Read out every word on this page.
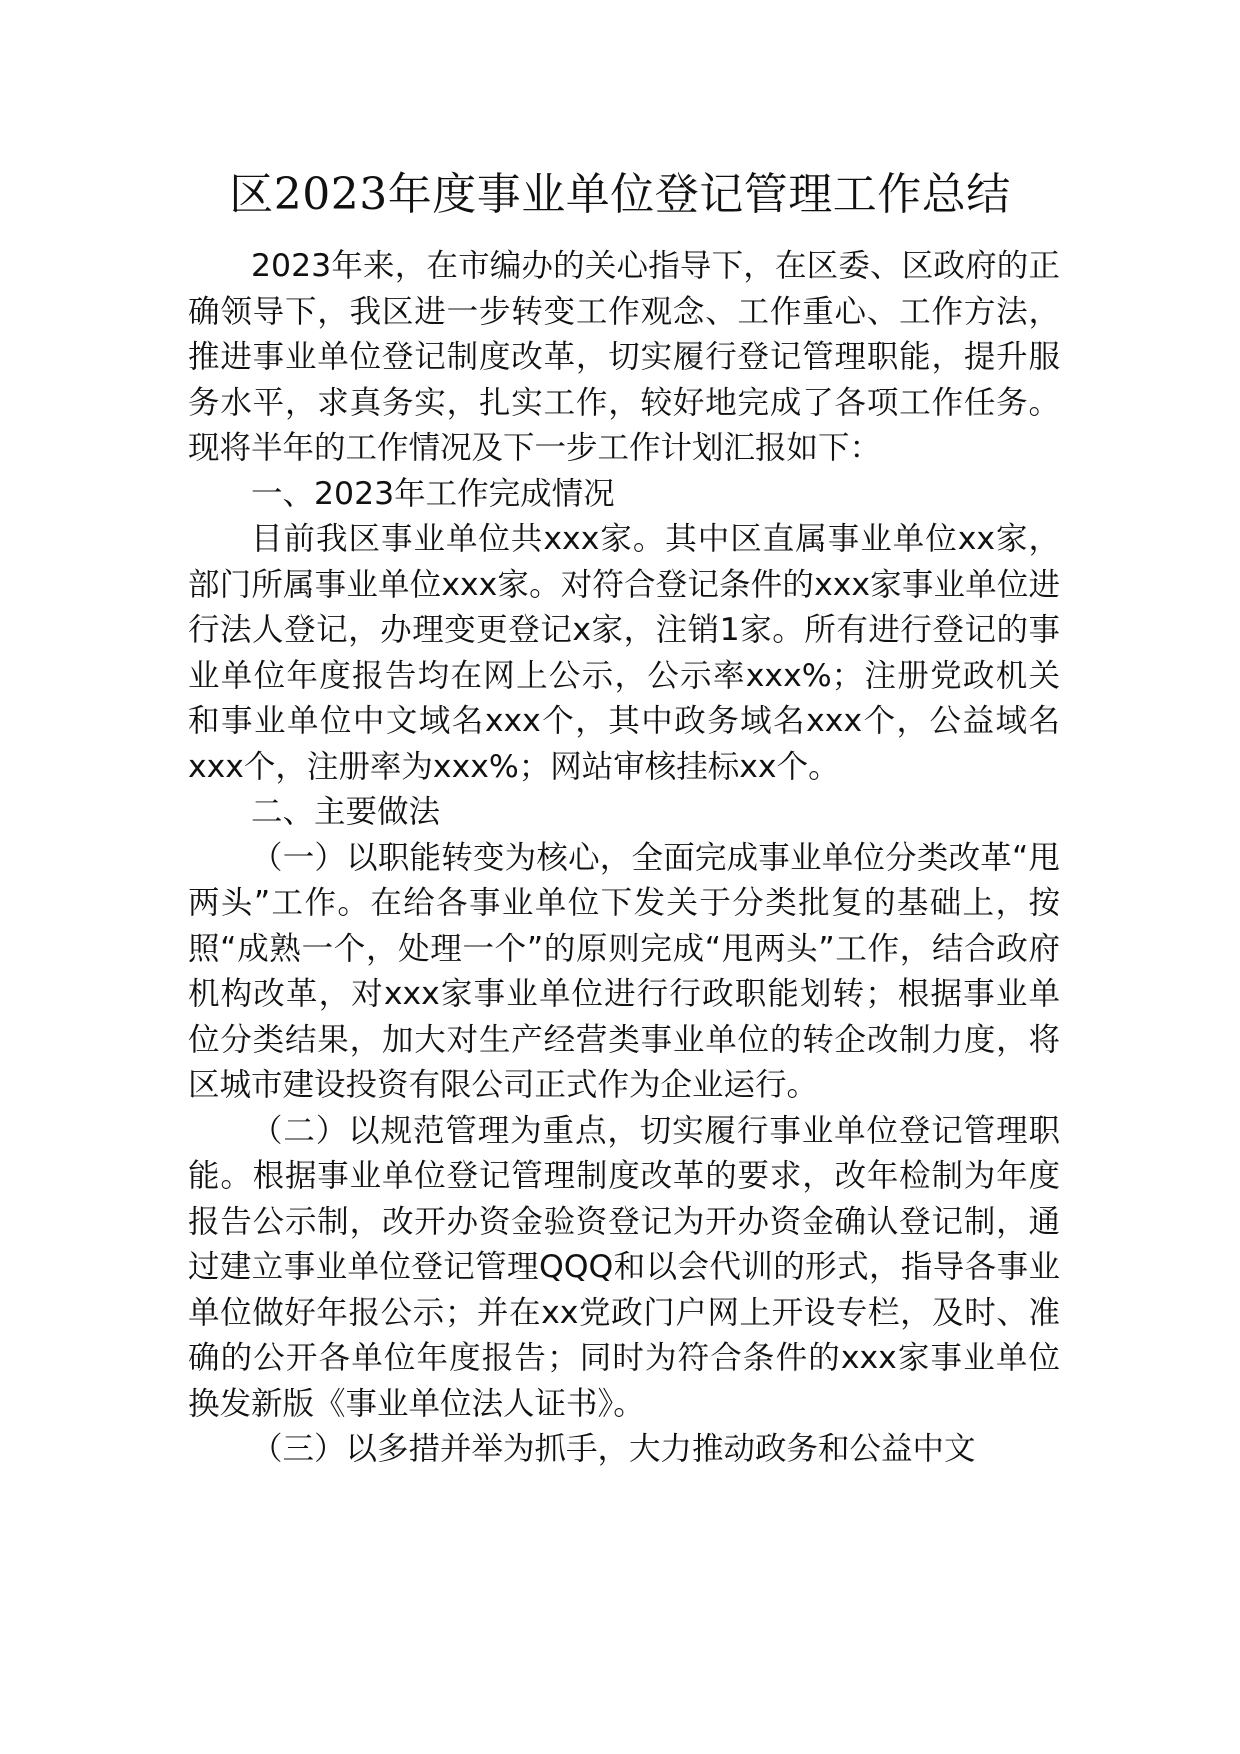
区2023年度事业单位登记管理工作总结

2023年来，在市编办的关心指导下，在区委、区政府的正确领导下，我区进一步转变工作观念、工作重心、工作方法，推进事业单位登记制度改革，切实履行登记管理职能，提升服务水平，求真务实，扎实工作，较好地完成了各项工作任务。现将半年的工作情况及下一步工作计划汇报如下：

一、2023年工作完成情况

目前我区事业单位共xxx家。其中区直属事业单位xx家，部门所属事业单位xxx家。对符合登记条件的xxx家事业单位进行法人登记，办理变更登记x家，注销1家。所有进行登记的事业单位年度报告均在网上公示，公示率xxx%；注册党政机关和事业单位中文域名xxx个，其中政务域名xxx个，公益域名xxx个，注册率为xxx%；网站审核挂标xx个。

二、主要做法

（一）以职能转变为核心，全面完成事业单位分类改革“甩两头”工作。在给各事业单位下发关于分类批复的基础上，按照“成熟一个，处理一个”的原则完成“甩两头”工作，结合政府机构改革，对xxx家事业单位进行行政职能划转；根据事业单位分类结果，加大对生产经营类事业单位的转企改制力度，将区城市建设投资有限公司正式作为企业运行。

（二）以规范管理为重点，切实履行事业单位登记管理职能。根据事业单位登记管理制度改革的要求，改年检制为年度报告公示制，改开办资金验资登记为开办资金确认登记制，通过建立事业单位登记管理QQQ和以会代训的形式，指导各事业单位做好年报公示；并在xx党政门户网上开设专栏，及时、准确的公开各单位年度报告；同时为符合条件的xxx家事业单位换发新版《事业单位法人证书》。

（三）以多措并举为抓手，大力推动政务和公益中文
